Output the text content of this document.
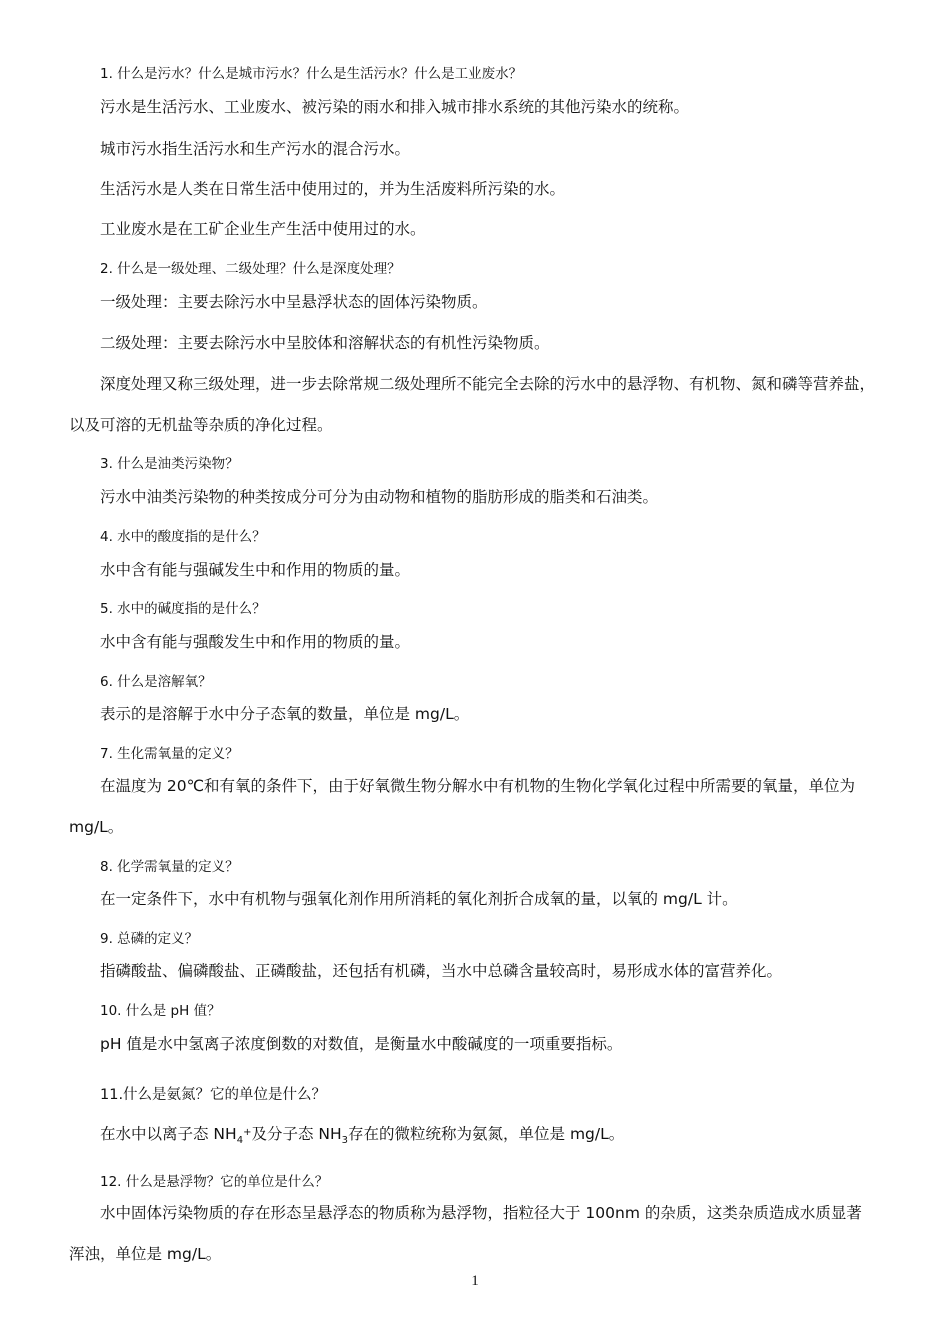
1. 什么是污水？什么是城市污水？什么是生活污水？什么是工业废水？
污水是生活污水、工业废水、被污染的雨水和排入城市排水系统的其他污染水的统称。
城市污水指生活污水和生产污水的混合污水。
生活污水是人类在日常生活中使用过的，并为生活废料所污染的水。
工业废水是在工矿企业生产生活中使用过的水。
2. 什么是一级处理、二级处理？什么是深度处理？
一级处理：主要去除污水中呈悬浮状态的固体污染物质。
二级处理：主要去除污水中呈胶体和溶解状态的有机性污染物质。
深度处理又称三级处理，进一步去除常规二级处理所不能完全去除的污水中的悬浮物、有机物、氮和磷等营养盐，
以及可溶的无机盐等杂质的净化过程。
3. 什么是油类污染物？
污水中油类污染物的种类按成分可分为由动物和植物的脂肪形成的脂类和石油类。
4. 水中的酸度指的是什么？
水中含有能与强碱发生中和作用的物质的量。
5. 水中的碱度指的是什么？
水中含有能与强酸发生中和作用的物质的量。
6. 什么是溶解氧？
表示的是溶解于水中分子态氧的数量，单位是 mg/L。
7. 生化需氧量的定义？
在温度为 20℃和有氧的条件下，由于好氧微生物分解水中有机物的生物化学氧化过程中所需要的氧量，单位为
mg/L。
8. 化学需氧量的定义？
在一定条件下，水中有机物与强氧化剂作用所消耗的氧化剂折合成氧的量，以氧的 mg/L 计。
9. 总磷的定义？
指磷酸盐、偏磷酸盐、正磷酸盐，还包括有机磷，当水中总磷含量较高时，易形成水体的富营养化。
10. 什么是 pH 值？
pH 值是水中氢离子浓度倒数的对数值，是衡量水中酸碱度的一项重要指标。
11.什么是氨氮？它的单位是什么？
在水中以离子态 $NH_4^+$及分子态 $NH_3$存在的微粒统称为氨氮，单位是 mg/L。
12. 什么是悬浮物？它的单位是什么？
水中固体污染物质的存在形态呈悬浮态的物质称为悬浮物，指粒径大于 100nm 的杂质，这类杂质造成水质显著
浑浊，单位是 mg/L。
1
